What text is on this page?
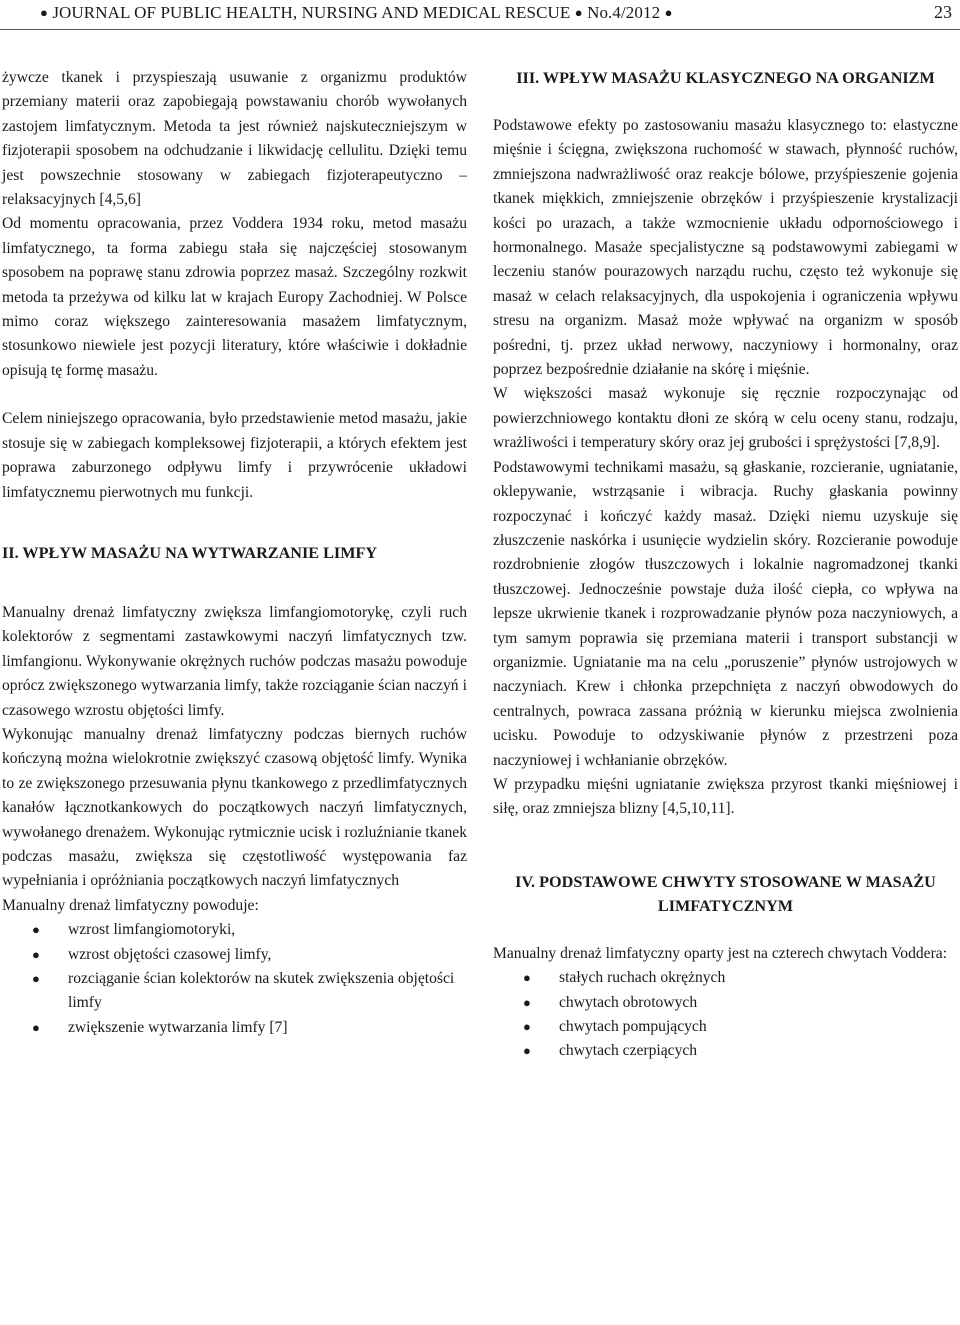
● JOURNAL OF PUBLIC HEALTH, NURSING AND MEDICAL RESCUE ● No.4/2012 ●	23

żywcze tkanek i przyspieszają usuwanie z organizmu produktów przemiany materii oraz zapobiegają powstawaniu chorób wywołanych zastojem limfatycznym. Metoda ta jest również najskuteczniejszym w fizjoterapii sposobem na odchudzanie i likwidację cellulitu. Dzięki temu jest powszechnie stosowany w zabiegach fizjoterapeutyczno – relaksacyjnych [4,5,6]

Od momentu opracowania, przez Voddera 1934 roku, metod masażu limfatycznego, ta forma zabiegu stała się najczęściej stosowanym sposobem na poprawę stanu zdrowia poprzez masaż. Szczególny rozkwit metoda ta przeżywa od kilku lat w krajach Europy Zachodniej. W Polsce mimo coraz większego zainteresowania masażem limfatycznym, stosunkowo niewiele jest pozycji literatury, które właściwie i dokładnie opisują tę formę masażu.

Celem niniejszego opracowania, było przedstawienie metod masażu, jakie stosuje się w zabiegach kompleksowej fizjoterapii, a których efektem jest poprawa zaburzonego odpływu limfy i przywrócenie układowi limfatycznemu pierwotnych mu funkcji.

II. WPŁYW MASAŻU NA WYTWARZANIE LIMFY

Manualny drenaż limfatyczny zwiększa limfangiomotorykę, czyli ruch kolektorów z segmentami zastawkowymi naczyń limfatycznych tzw. limfangionu. Wykonywanie okrężnych ruchów podczas masażu powoduje oprócz zwiększonego wytwarzania limfy, także rozciąganie ścian naczyń i czasowego wzrostu objętości limfy.

Wykonując manualny drenaż limfatyczny podczas biernych ruchów kończyną można wielokrotnie zwiększyć czasową objętość limfy. Wynika to ze zwiększonego przesuwania płynu tkankowego z przedlimfatycznych kanałów łącznotkankowych do początkowych naczyń limfatycznych, wywołanego drenażem. Wykonując rytmicznie ucisk i rozluźnianie tkanek podczas masażu, zwiększa się częstotliwość występowania faz wypełniania i opróżniania początkowych naczyń limfatycznych

Manualny drenaż limfatyczny powoduje:

● wzrost limfangiomotoryki,
● wzrost objętości czasowej limfy,
● rozciąganie ścian kolektorów na skutek zwiększenia objętości limfy
● zwiększenie wytwarzania limfy [7]

III. WPŁYW MASAŻU KLASYCZNEGO NA ORGANIZM

Podstawowe efekty po zastosowaniu masażu klasycznego to: elastyczne mięśnie i ścięgna, zwiększona ruchomość w stawach, płynność ruchów, zmniejszona nadwrażliwość oraz reakcje bólowe, przyśpieszenie gojenia tkanek miękkich, zmniejszenie obrzęków i przyśpieszenie krystalizacji kości po urazach, a także wzmocnienie układu odpornościowego i hormonalnego. Masaże specjalistyczne są podstawowymi zabiegami w leczeniu stanów pourazowych narządu ruchu, często też wykonuje się masaż w celach relaksacyjnych, dla uspokojenia i ograniczenia wpływu stresu na organizm. Masaż może wpływać na organizm w sposób pośredni, tj. przez układ nerwowy, naczyniowy i hormonalny, oraz poprzez bezpośrednie działanie na skórę i mięśnie.

W większości masaż wykonuje się ręcznie rozpoczynając od powierzchniowego kontaktu dłoni ze skórą w celu oceny stanu, rodzaju, wrażliwości i temperatury skóry oraz jej grubości i sprężystości [7,8,9].

Podstawowymi technikami masażu, są głaskanie, rozcieranie, ugniatanie, oklepywanie, wstrząsanie i wibracja. Ruchy głaskania powinny rozpoczynać i kończyć każdy masaż. Dzięki niemu uzyskuje się złuszczenie naskórka i usunięcie wydzielin skóry. Rozcieranie powoduje rozdrobnienie złogów tłuszczowych i lokalnie nagromadzonej tkanki tłuszczowej. Jednocześnie powstaje duża ilość ciepła, co wpływa na lepsze ukrwienie tkanek i rozprowadzanie płynów poza naczyniowych, a tym samym poprawia się przemiana materii i transport substancji w organizmie. Ugniatanie ma na celu „poruszenie” płynów ustrojowych w naczyniach. Krew i chłonka przepchnięta z naczyń obwodowych do centralnych, powraca zassana próżnią w kierunku miejsca zwolnienia ucisku. Powoduje to odzyskiwanie płynów z przestrzeni poza naczyniowej i wchłanianie obrzęków.

W przypadku mięśni ugniatanie zwiększa przyrost tkanki mięśniowej i siłę, oraz zmniejsza blizny [4,5,10,11].

IV. PODSTAWOWE CHWYTY STOSOWANE W MASAŻU LIMFATYCZNYM

Manualny drenaż limfatyczny oparty jest na czterech chwytach Voddera:

● stałych ruchach okrężnych
● chwytach obrotowych
● chwytach pompujących
● chwytach czerpiących
